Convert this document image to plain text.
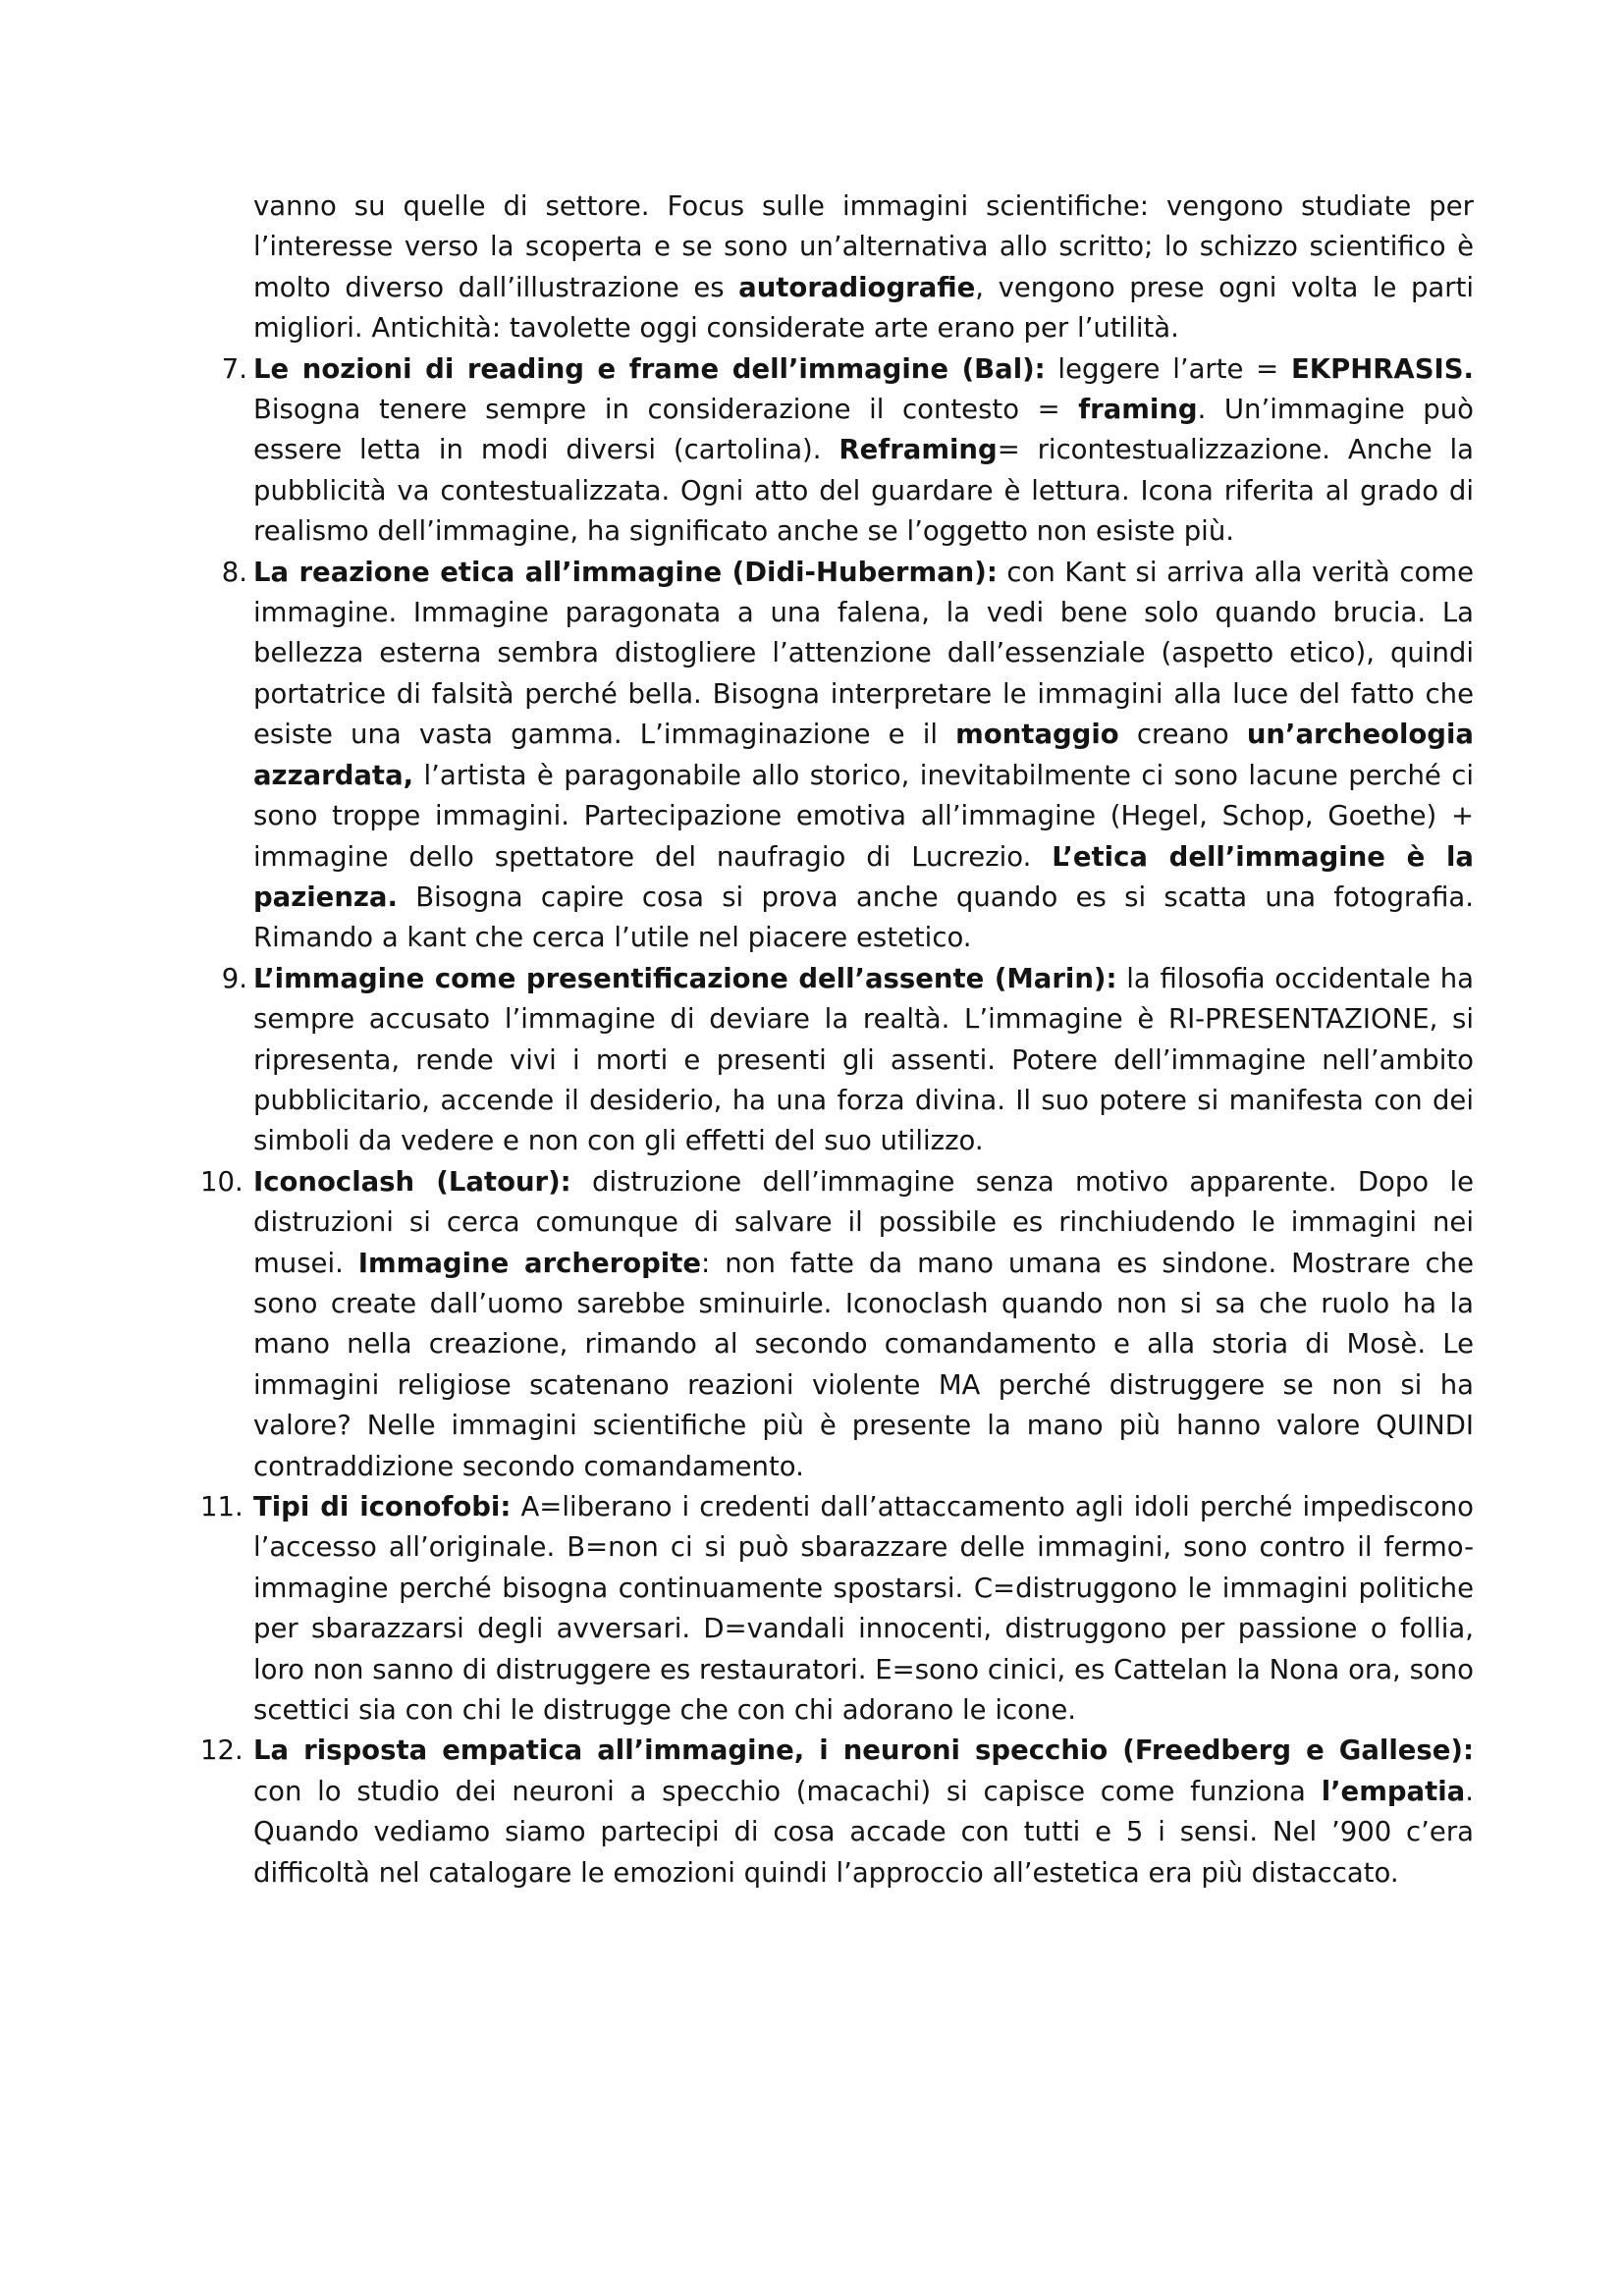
vanno su quelle di settore. Focus sulle immagini scientifiche: vengono studiate per l’interesse verso la scoperta e se sono un’alternativa allo scritto; lo schizzo scientifico è molto diverso dall’illustrazione es autoradiografie, vengono prese ogni volta le parti migliori. Antichità: tavolette oggi considerate arte erano per l’utilità.

7. Le nozioni di reading e frame dell’immagine (Bal): leggere l’arte = EKPHRASIS. Bisogna tenere sempre in considerazione il contesto = framing. Un’immagine può essere letta in modi diversi (cartolina). Reframing= ricontestualizzazione. Anche la pubblicità va contestualizzata. Ogni atto del guardare è lettura. Icona riferita al grado di realismo dell’immagine, ha significato anche se l’oggetto non esiste più.
8. La reazione etica all’immagine (Didi-Huberman): con Kant si arriva alla verità come immagine. Immagine paragonata a una falena, la vedi bene solo quando brucia. La bellezza esterna sembra distogliere l’attenzione dall’essenziale (aspetto etico), quindi portatrice di falsità perché bella. Bisogna interpretare le immagini alla luce del fatto che esiste una vasta gamma. L’immaginazione e il montaggio creano un’archeologia azzardata, l’artista è paragonabile allo storico, inevitabilmente ci sono lacune perché ci sono troppe immagini. Partecipazione emotiva all’immagine (Hegel, Schop, Goethe) + immagine dello spettatore del naufragio di Lucrezio. L’etica dell’immagine è la pazienza. Bisogna capire cosa si prova anche quando es si scatta una fotografia. Rimando a kant che cerca l’utile nel piacere estetico.
9. L’immagine come presentificazione dell’assente (Marin): la filosofia occidentale ha sempre accusato l’immagine di deviare la realtà. L’immagine è RI-PRESENTAZIONE, si ripresenta, rende vivi i morti e presenti gli assenti. Potere dell’immagine nell’ambito pubblicitario, accende il desiderio, ha una forza divina. Il suo potere si manifesta con dei simboli da vedere e non con gli effetti del suo utilizzo.
10. Iconoclash (Latour): distruzione dell’immagine senza motivo apparente. Dopo le distruzioni si cerca comunque di salvare il possibile es rinchiudendo le immagini nei musei. Immagine archeropite: non fatte da mano umana es sindone. Mostrare che sono create dall’uomo sarebbe sminuirle. Iconoclash quando non si sa che ruolo ha la mano nella creazione, rimando al secondo comandamento e alla storia di Mosè. Le immagini religiose scatenano reazioni violente MA perché distruggere se non si ha valore? Nelle immagini scientifiche più è presente la mano più hanno valore QUINDI contraddizione secondo comandamento.
11. Tipi di iconofobi: A=liberano i credenti dall’attaccamento agli idoli perché impediscono l’accesso all’originale. B=non ci si può sbarazzare delle immagini, sono contro il fermo-immagine perché bisogna continuamente spostarsi. C=distruggono le immagini politiche per sbarazzarsi degli avversari. D=vandali innocenti, distruggono per passione o follia, loro non sanno di distruggere es restauratori. E=sono cinici, es Cattelan la Nona ora, sono scettici sia con chi le distrugge che con chi adorano le icone.
12. La risposta empatica all’immagine, i neuroni specchio (Freedberg e Gallese): con lo studio dei neuroni a specchio (macachi) si capisce come funziona l’empatia. Quando vediamo siamo partecipi di cosa accade con tutti e 5 i sensi. Nel ’900 c’era difficoltà nel catalogare le emozioni quindi l’approccio all’estetica era più distaccato.
